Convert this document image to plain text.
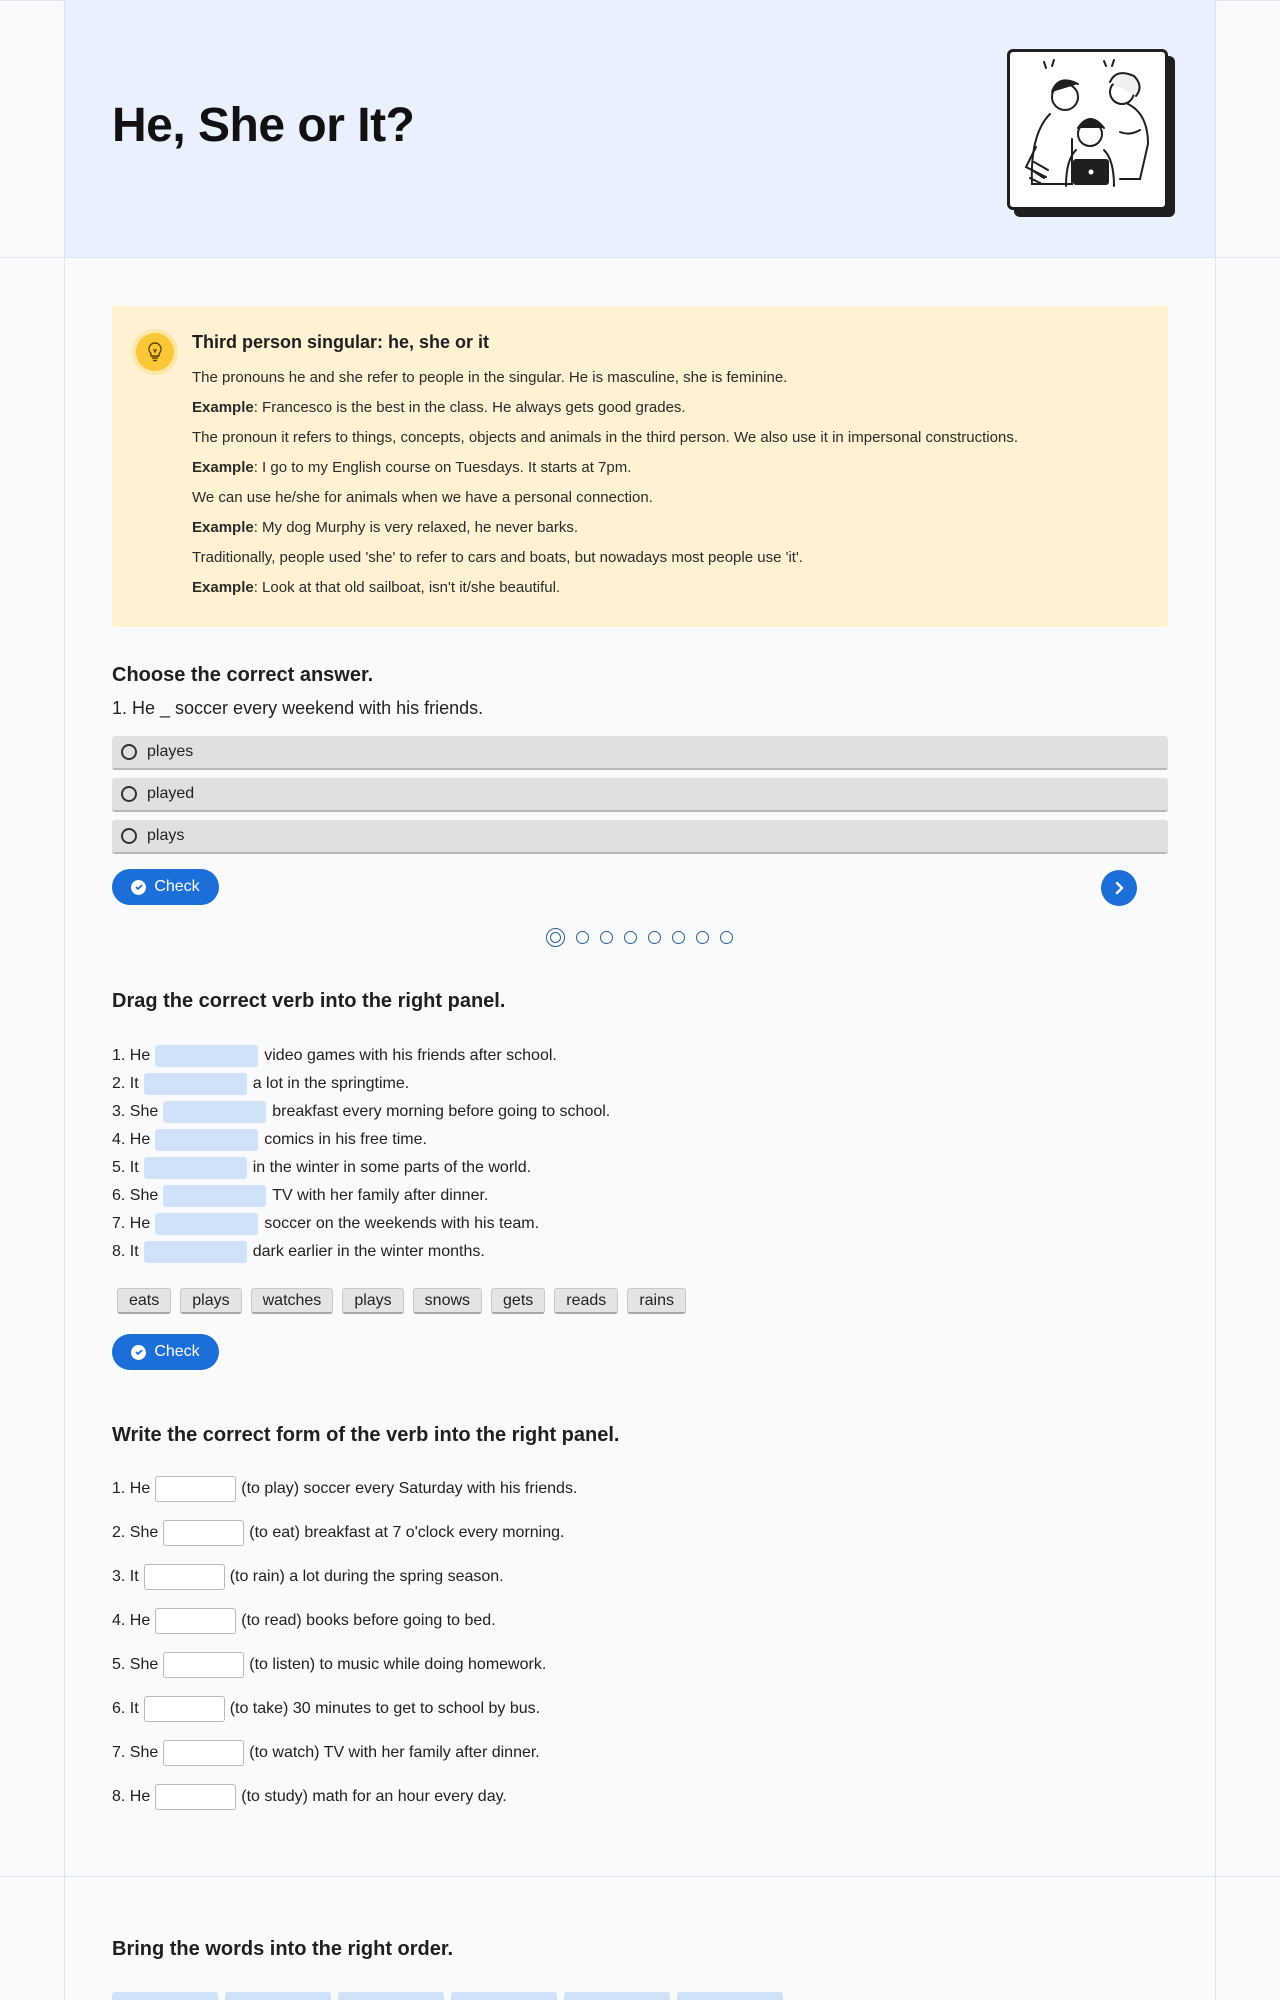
He, She or It?
Third person singular: he, she or it
The pronouns he and she refer to people in the singular. He is masculine, she is feminine.
Example: Francesco is the best in the class. He always gets good grades.
The pronoun it refers to things, concepts, objects and animals in the third person. We also use it in impersonal constructions.
Example: I go to my English course on Tuesdays. It starts at 7pm.
We can use he/she for animals when we have a personal connection.
Example: My dog Murphy is very relaxed, he never barks.
Traditionally, people used 'she' to refer to cars and boats, but nowadays most people use 'it'.
Example: Look at that old sailboat, isn't it/she beautiful.
Choose the correct answer.
1. He _ soccer every weekend with his friends.
playes
played
plays
Check
Drag the correct verb into the right panel.
1. He	video games with his friends after school.
2. It	a lot in the springtime.
3. She	breakfast every morning before going to school.
4. He	comics in his free time.
5. It	in the winter in some parts of the world.
6. She	TV with her family after dinner.
7. He	soccer on the weekends with his team.
8. It	dark earlier in the winter months.
eats	plays	watches	plays	snows	gets	reads	rains
Check
Write the correct form of the verb into the right panel.
1. He	(to play) soccer every Saturday with his friends.
2. She	(to eat) breakfast at 7 o'clock every morning.
3. It	(to rain) a lot during the spring season.
4. He	(to read) books before going to bed.
5. She	(to listen) to music while doing homework.
6. It	(to take) 30 minutes to get to school by bus.
7. She	(to watch) TV with her family after dinner.
8. He	(to study) math for an hour every day.
Bring the words into the right order.
